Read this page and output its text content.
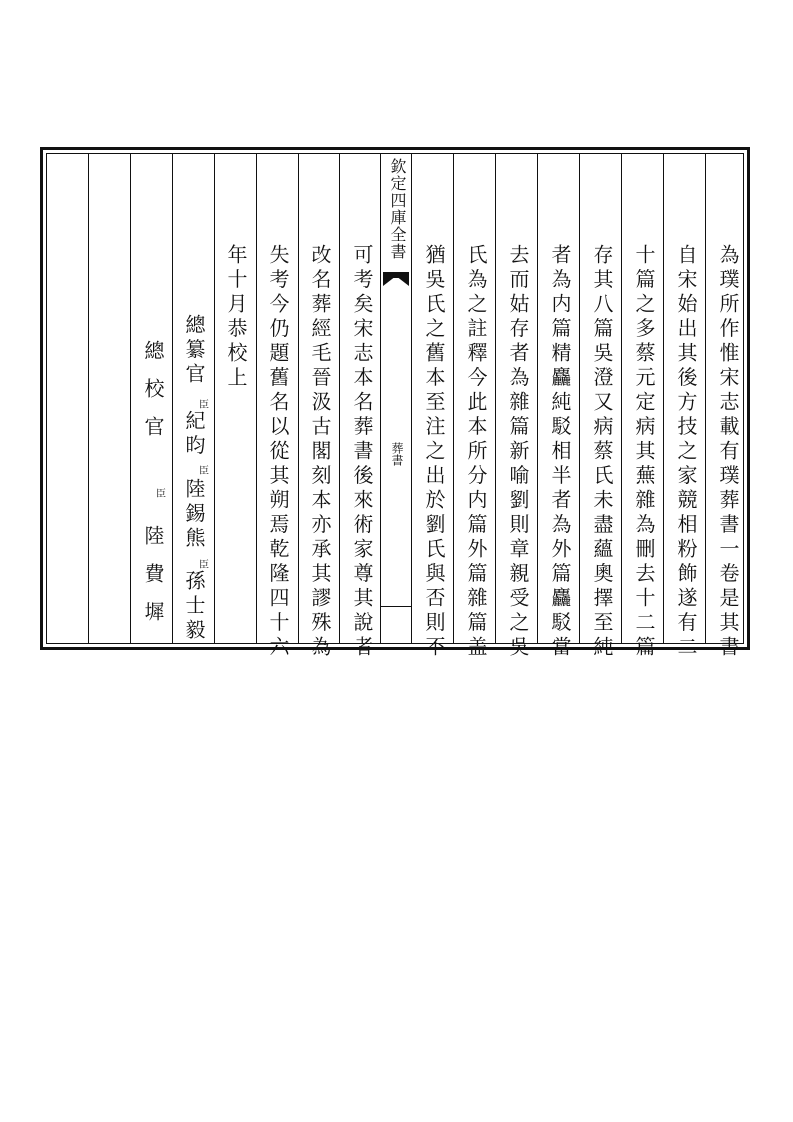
為璞所作惟宋志載有璞葬書一卷是其書
自宋始出其後方技之家競相粉飾遂有二
十篇之多蔡元定病其蕪雜為刪去十二篇
存其八篇吳澄又病蔡氏未盡蘊奧擇至純
者為内篇精麤純駁相半者為外篇麤駁當
去而姑存者為雜篇新喻劉則章親受之吳
氏為之註釋今此本所分内篇外篇雜篇盖
猶吳氏之舊本至注之出於劉氏與否則不
欽定四庫全書
葬書
可考矣宋志本名葬書後來術家尊其說者
改名葬經毛晉汲古閣刻本亦承其謬殊為
失考今仍題舊名以從其朔焉乾隆四十六
年十月恭校上
總纂官
臣
紀昀
臣
陸錫熊
臣
孫士毅
總校官
臣
陸費墀
